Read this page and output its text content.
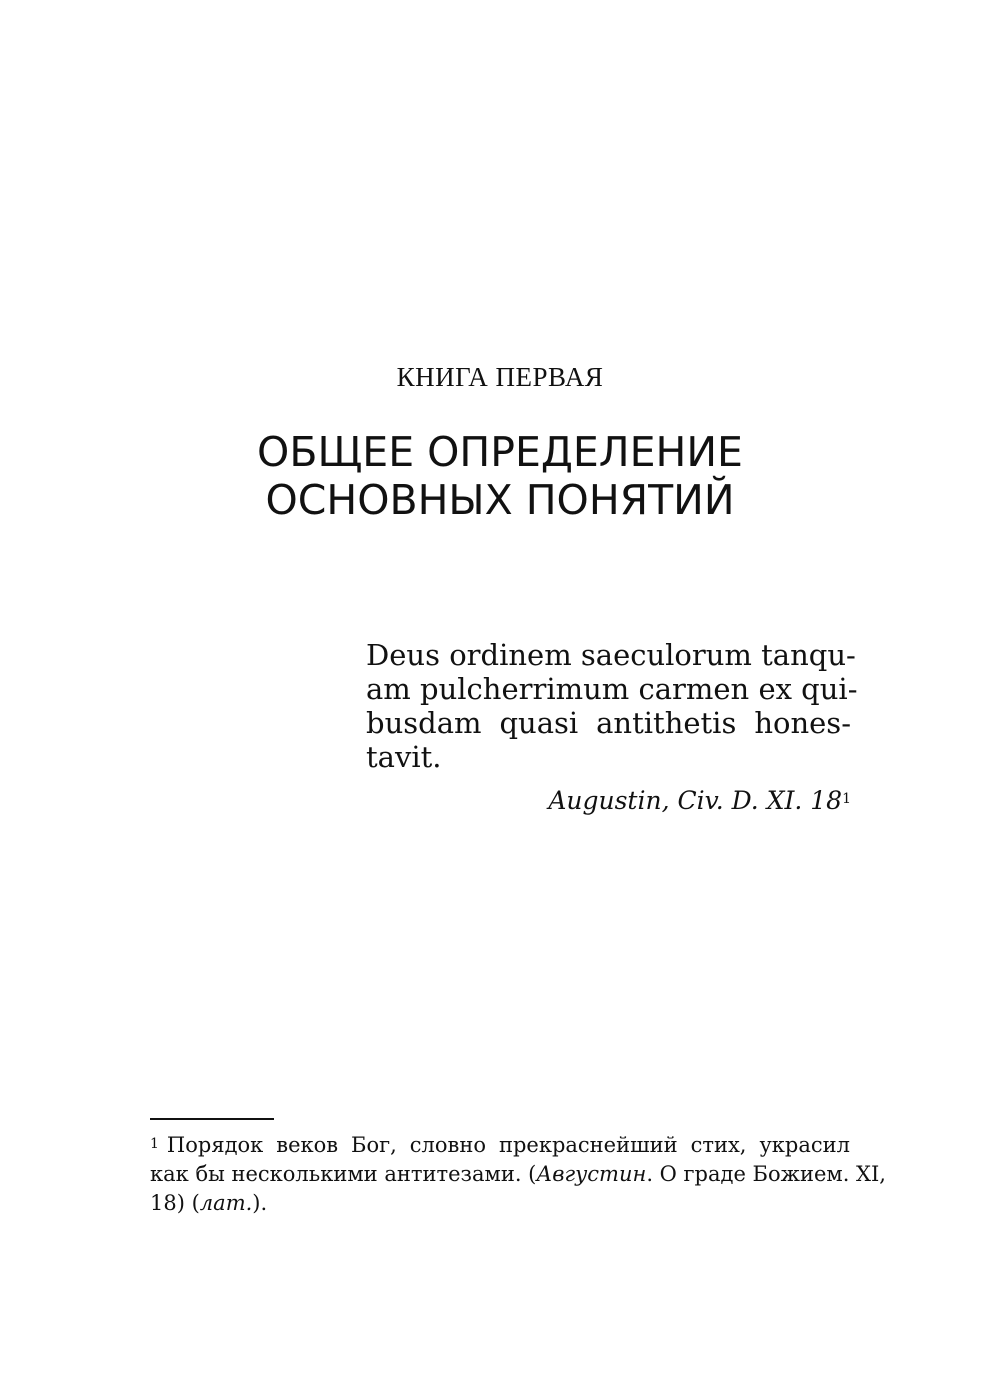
КНИГА ПЕРВАЯ
ОБЩЕЕ ОПРЕДЕЛЕНИЕ
ОСНОВНЫХ ПОНЯТИЙ
Deus ordinem saeculorum tanqu-
am pulcherrimum carmen ex qui-
busdam quasi antithetis hones-
tavit.
Augustin, Civ. D. XI. $18^1$
$^1$ Порядок веков Бог, словно прекраснейший стих, украсил
как бы несколькими антитезами. (Августин. О граде Божием. XI,
18) (лат.).
